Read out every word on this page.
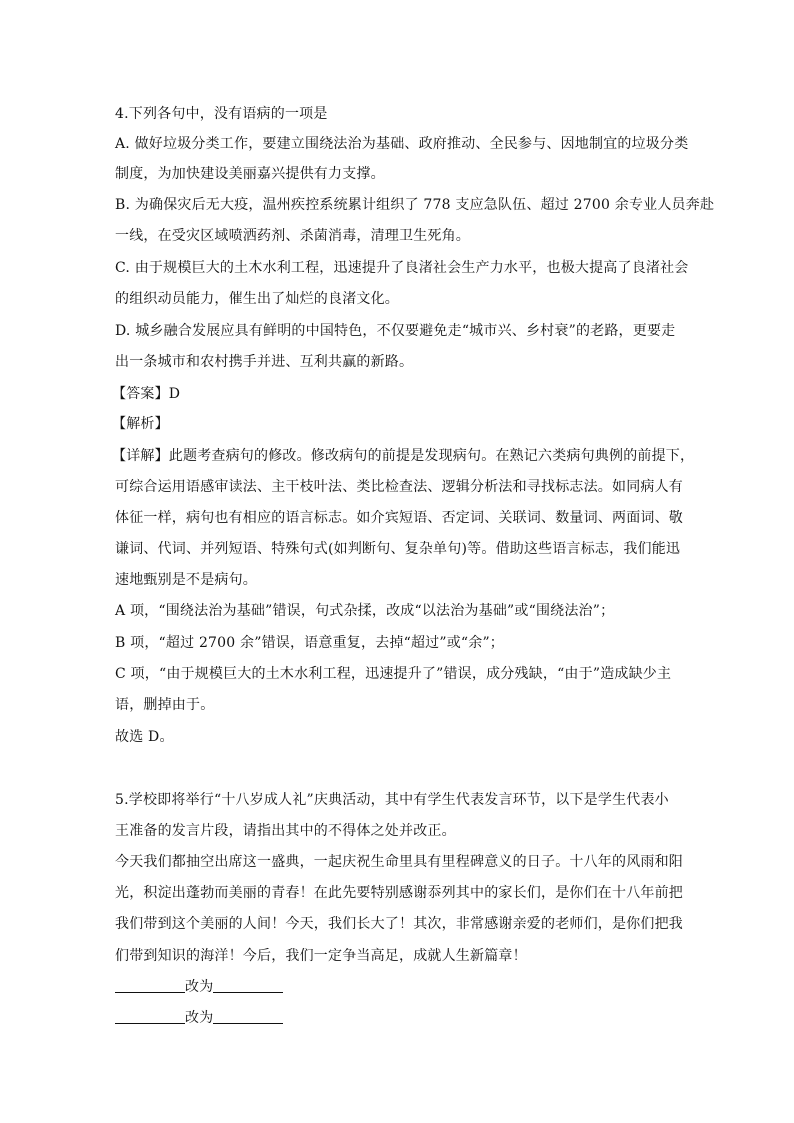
4.下列各句中，没有语病的一项是
A. 做好垃圾分类工作，要建立围绕法治为基础、政府推动、全民参与、因地制宜的垃圾分类
制度，为加快建设美丽嘉兴提供有力支撑。
B. 为确保灾后无大疫，温州疾控系统累计组织了 778 支应急队伍、超过 2700 余专业人员奔赴
一线，在受灾区域喷洒药剂、杀菌消毒，清理卫生死角。
C. 由于规模巨大的土木水利工程，迅速提升了良渚社会生产力水平，也极大提高了良渚社会
的组织动员能力，催生出了灿烂的良渚文化。
D. 城乡融合发展应具有鲜明的中国特色，不仅要避免走“城市兴、乡村衰”的老路，更要走
出一条城市和农村携手并进、互利共赢的新路。
【答案】D
【解析】
【详解】此题考查病句的修改。修改病句的前提是发现病句。在熟记六类病句典例的前提下，
可综合运用语感审读法、主干枝叶法、类比检查法、逻辑分析法和寻找标志法。如同病人有
体征一样，病句也有相应的语言标志。如介宾短语、否定词、关联词、数量词、两面词、敬
谦词、代词、并列短语、特殊句式(如判断句、复杂单句)等。借助这些语言标志，我们能迅
速地甄别是不是病句。
A 项，“围绕法治为基础”错误，句式杂揉，改成“以法治为基础”或“围绕法治”；
B 项，“超过 2700 余”错误，语意重复，去掉“超过”或“余”；
C 项，“由于规模巨大的土木水利工程，迅速提升了”错误，成分残缺，“由于”造成缺少主
语，删掉由于。
故选 D。
5.学校即将举行“十八岁成人礼”庆典活动，其中有学生代表发言环节，以下是学生代表小
王准备的发言片段，请指出其中的不得体之处并改正。
今天我们都抽空出席这一盛典，一起庆祝生命里具有里程碑意义的日子。十八年的风雨和阳
光，积淀出蓬勃而美丽的青春！在此先要特别感谢忝列其中的家长们，是你们在十八年前把
我们带到这个美丽的人间！今天，我们长大了！其次，非常感谢亲爱的老师们，是你们把我
们带到知识的海洋！今后，我们一定争当高足，成就人生新篇章！
改为
改为
